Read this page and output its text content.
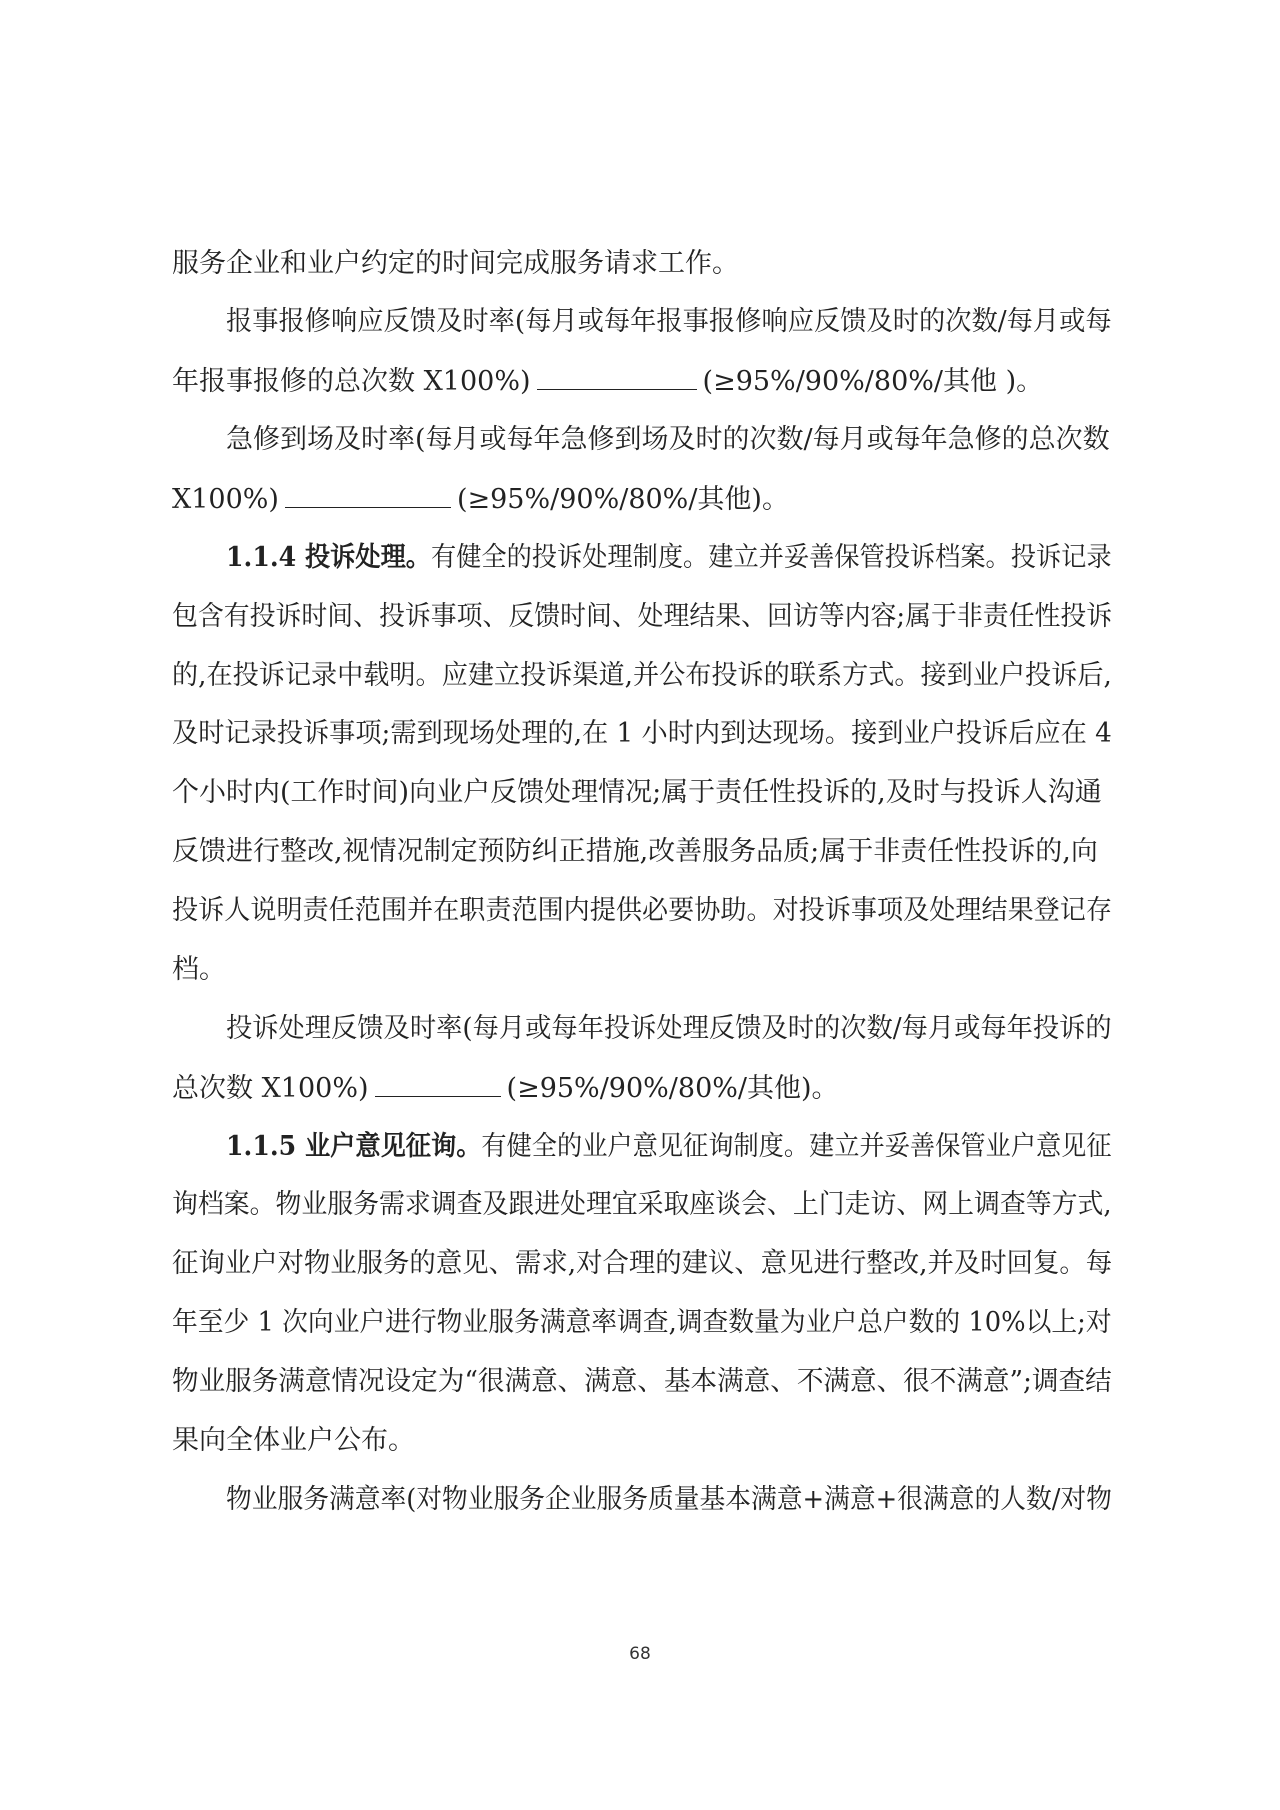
服务企业和业户约定的时间完成服务请求工作。
报事报修响应反馈及时率(每月或每年报事报修响应反馈及时的次数/每月或每
年报事报修的总次数 X100%)	(≥95%/90%/80%/其他 )。
急修到场及时率(每月或每年急修到场及时的次数/每月或每年急修的总次数
X100%)	(≥95%/90%/80%/其他)。
1.1.4 投诉处理。有健全的投诉处理制度。建立并妥善保管投诉档案。投诉记录
包含有投诉时间、投诉事项、反馈时间、处理结果、回访等内容;属于非责任性投诉
的,在投诉记录中载明。应建立投诉渠道,并公布投诉的联系方式。接到业户投诉后,
及时记录投诉事项;需到现场处理的,在 1 小时内到达现场。接到业户投诉后应在 4
个小时内(工作时间)向业户反馈处理情况;属于责任性投诉的,及时与投诉人沟通
反馈进行整改,视情况制定预防纠正措施,改善服务品质;属于非责任性投诉的,向
投诉人说明责任范围并在职责范围内提供必要协助。对投诉事项及处理结果登记存
档。
投诉处理反馈及时率(每月或每年投诉处理反馈及时的次数/每月或每年投诉的
总次数 X100%)	(≥95%/90%/80%/其他)。
1.1.5 业户意见征询。有健全的业户意见征询制度。建立并妥善保管业户意见征
询档案。物业服务需求调查及跟进处理宜采取座谈会、上门走访、网上调查等方式,
征询业户对物业服务的意见、需求,对合理的建议、意见进行整改,并及时回复。每
年至少 1 次向业户进行物业服务满意率调查,调查数量为业户总户数的 10%以上;对
物业服务满意情况设定为“很满意、满意、基本满意、不满意、很不满意”;调查结
果向全体业户公布。
物业服务满意率(对物业服务企业服务质量基本满意+满意+很满意的人数/对物
68
